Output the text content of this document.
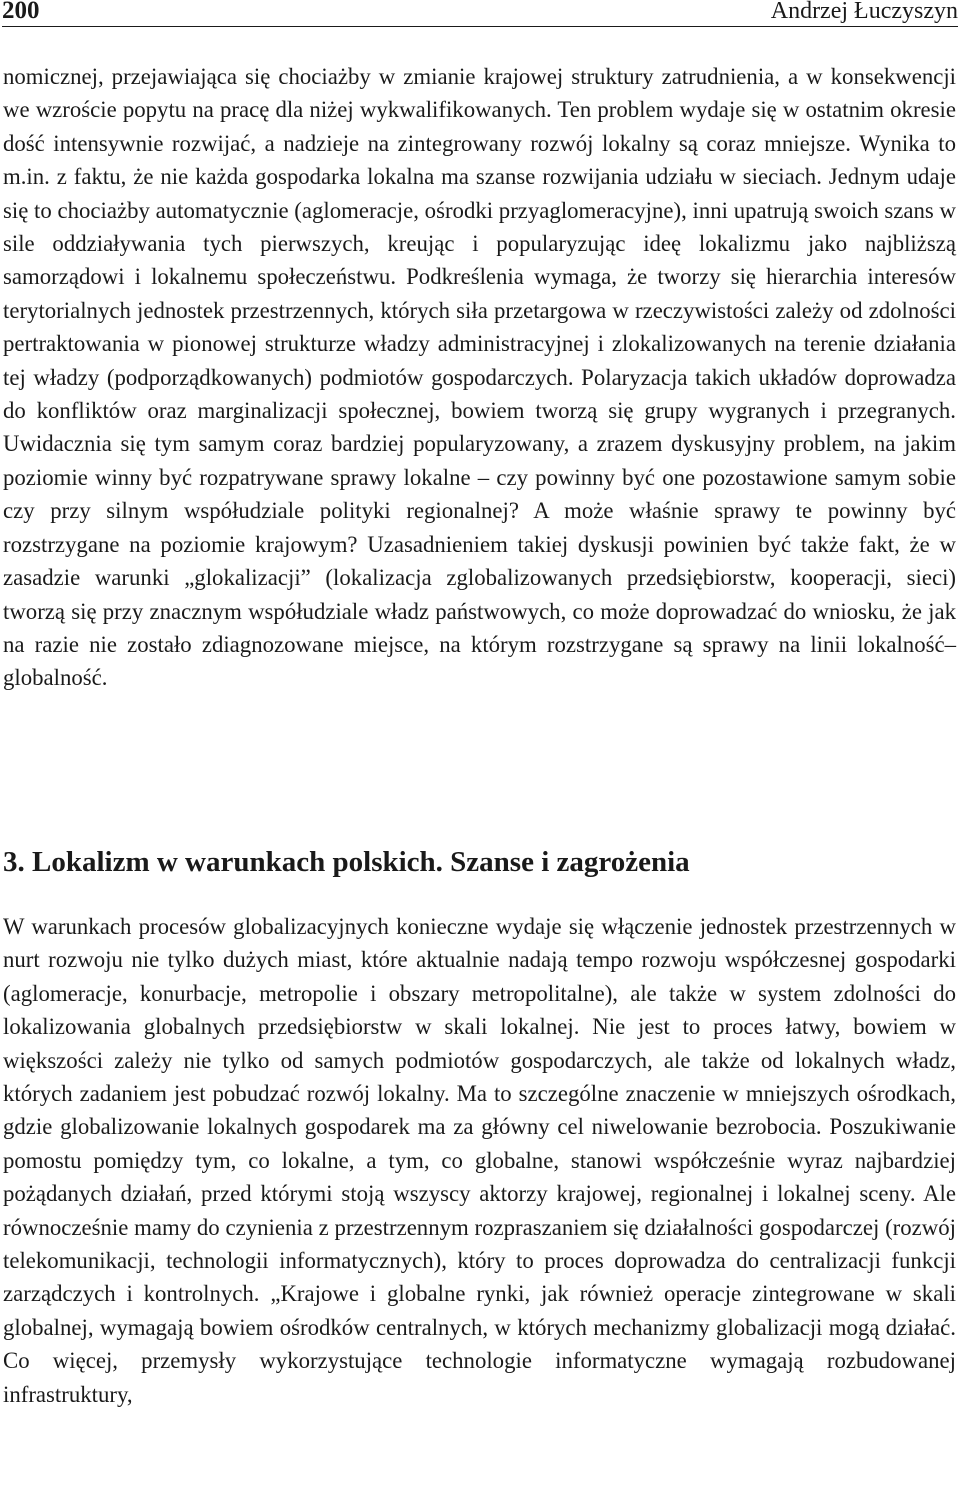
200	Andrzej Łuczyszyn

nomicznej, przejawiająca się chociażby w zmianie krajowej struktury zatrudnienia, a w konsekwencji we wzroście popytu na pracę dla niżej wykwalifikowanych. Ten problem wydaje się w ostatnim okresie dość intensywnie rozwijać, a nadzieje na zintegrowany rozwój lokalny są coraz mniejsze. Wynika to m.in. z faktu, że nie każda gospodarka lokalna ma szanse rozwijania udziału w sieciach. Jednym udaje się to chociażby automatycznie (aglomeracje, ośrodki przyaglomeracyjne), inni upatrują swoich szans w sile oddziaływania tych pierwszych, kreując i popularyzując ideę lokalizmu jako najbliższą samorządowi i lokalnemu społeczeństwu. Podkreślenia wymaga, że tworzy się hierarchia interesów terytorialnych jednostek przestrzennych, których siła przetargowa w rzeczywistości zależy od zdolności pertraktowania w pionowej strukturze władzy administracyjnej i zlokalizowanych na terenie działania tej władzy (podporządkowanych) podmiotów gospodarczych. Polaryzacja takich układów doprowadza do konfliktów oraz marginalizacji społecznej, bowiem tworzą się grupy wygranych i przegranych. Uwidacznia się tym samym coraz bardziej popularyzowany, a zrazem dyskusyjny problem, na jakim poziomie winny być rozpatrywane sprawy lokalne – czy powinny być one pozostawione samym sobie czy przy silnym współudziale polityki regionalnej? A może właśnie sprawy te powinny być rozstrzygane na poziomie krajowym? Uzasadnieniem takiej dyskusji powinien być także fakt, że w zasadzie warunki „glokalizacji” (lokalizacja zglobalizowanych przedsiębiorstw, kooperacji, sieci) tworzą się przy znacznym współudziale władz państwowych, co może doprowadzać do wniosku, że jak na razie nie zostało zdiagnozowane miejsce, na którym rozstrzygane są sprawy na linii lokalność–globalność.

3. Lokalizm w warunkach polskich. Szanse i zagrożenia

W warunkach procesów globalizacyjnych konieczne wydaje się włączenie jednostek przestrzennych w nurt rozwoju nie tylko dużych miast, które aktualnie nadają tempo rozwoju współczesnej gospodarki (aglomeracje, konurbacje, metropolie i obszary metropolitalne), ale także w system zdolności do lokalizowania globalnych przedsiębiorstw w skali lokalnej. Nie jest to proces łatwy, bowiem w większości zależy nie tylko od samych podmiotów gospodarczych, ale także od lokalnych władz, których zadaniem jest pobudzać rozwój lokalny. Ma to szczególne znaczenie w mniejszych ośrodkach, gdzie globalizowanie lokalnych gospodarek ma za główny cel niwelowanie bezrobocia. Poszukiwanie pomostu pomiędzy tym, co lokalne, a tym, co globalne, stanowi współcześnie wyraz najbardziej pożądanych działań, przed którymi stoją wszyscy aktorzy krajowej, regionalnej i lokalnej sceny. Ale równocześnie mamy do czynienia z przestrzennym rozpraszaniem się działalności gospodarczej (rozwój telekomunikacji, technologii informatycznych), który to proces doprowadza do centralizacji funkcji zarządczych i kontrolnych. „Krajowe i globalne rynki, jak również operacje zintegrowane w skali globalnej, wymagają bowiem ośrodków centralnych, w których mechanizmy globalizacji mogą działać. Co więcej, przemysły wykorzystujące technologie informatyczne wymagają rozbudowanej infrastruktury,
